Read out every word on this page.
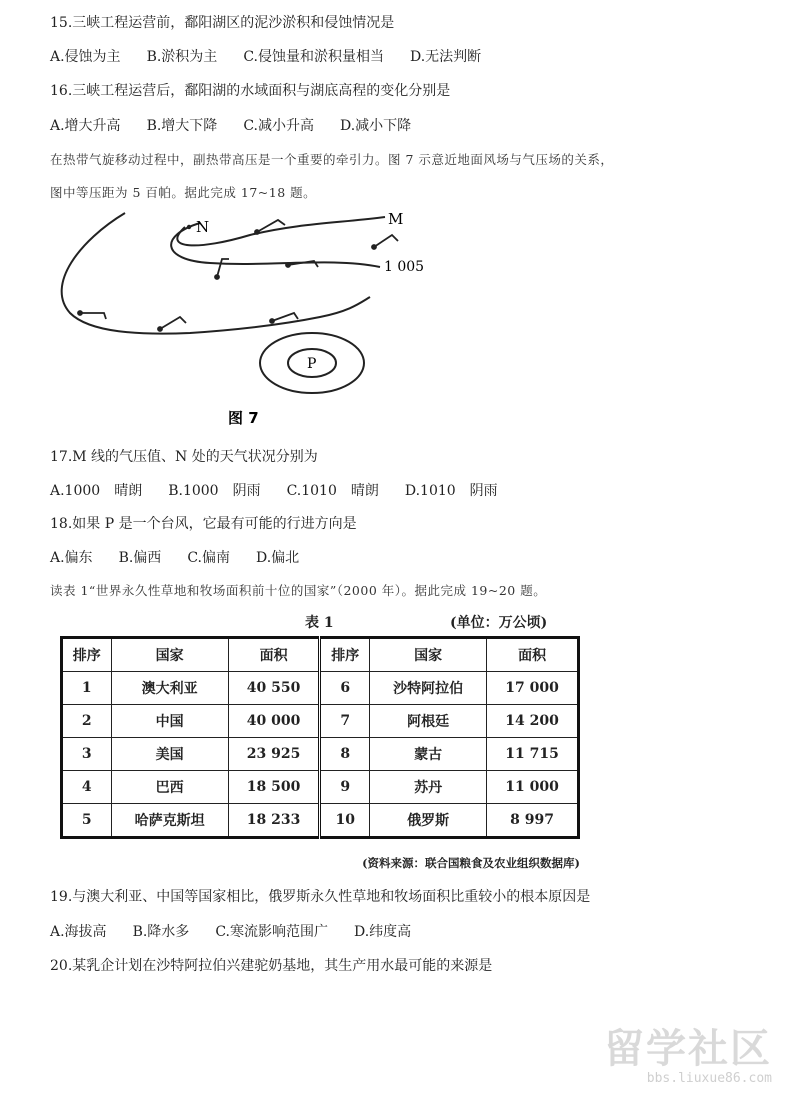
15.三峡工程运营前，鄱阳湖区的泥沙淤积和侵蚀情况是
A.侵蚀为主 B.淤积为主 C.侵蚀量和淤积量相当 D.无法判断
16.三峡工程运营后，鄱阳湖的水域面积与湖底高程的变化分别是
A.增大升高 B.增大下降 C.减小升高 D.减小下降
在热带气旋移动过程中，副热带高压是一个重要的牵引力。图 7 示意近地面风场与气压场的关系，
图中等压距为 5 百帕。据此完成 17~18 题。
N	M
1 005
P
图 7
17.M 线的气压值、N 处的天气状况分别为
A.1000　晴朗 B.1000　阴雨 C.1010　晴朗 D.1010　阴雨
18.如果 P 是一个台风，它最有可能的行进方向是
A.偏东 B.偏西 C.偏南 D.偏北
读表 1“世界永久性草地和牧场面积前十位的国家”（2000 年）。据此完成 19~20 题。
表 1	(单位：万公顷)
排序	国家	面积	排序	国家	面积
1	澳大利亚	40 550	6	沙特阿拉伯	17 000
2	中国	40 000	7	阿根廷	14 200
3	美国	23 925	8	蒙古	11 715
4	巴西	18 500	9	苏丹	11 000
5	哈萨克斯坦	18 233	10	俄罗斯	8 997
(资料来源：联合国粮食及农业组织数据库)
19.与澳大利亚、中国等国家相比，俄罗斯永久性草地和牧场面积比重较小的根本原因是
A.海拔高 B.降水多 C.寒流影响范围广 D.纬度高
20.某乳企计划在沙特阿拉伯兴建驼奶基地，其生产用水最可能的来源是
留学社区
bbs.liuxue86.com
